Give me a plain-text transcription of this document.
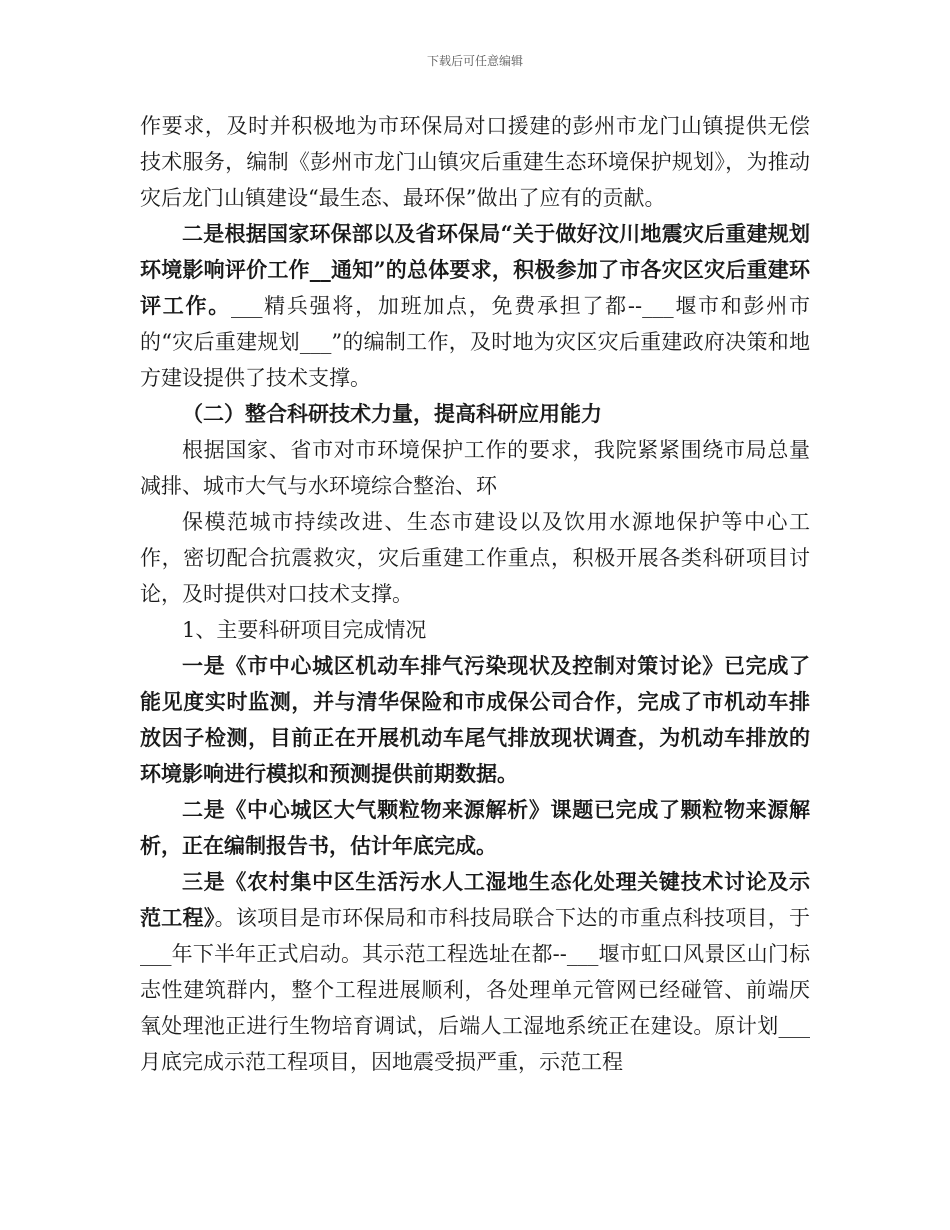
下载后可任意编辑

作要求，及时并积极地为市环保局对口援建的彭州市龙门山镇提供无偿技术服务，编制《彭州市龙门山镇灾后重建生态环境保护规划》，为推动灾后龙门山镇建设“最生态、最环保”做出了应有的贡献。

二是根据国家环保部以及省环保局“关于做好汶川地震灾后重建规划环境影响评价工作__通知”的总体要求，积极参加了市各灾区灾后重建环评工作。___精兵强将，加班加点，免费承担了都--___堰市和彭州市的“灾后重建规划___”的编制工作，及时地为灾区灾后重建政府决策和地方建设提供了技术支撑。

（二）整合科研技术力量，提高科研应用能力

根据国家、省市对市环境保护工作的要求，我院紧紧围绕市局总量减排、城市大气与水环境综合整治、环

保模范城市持续改进、生态市建设以及饮用水源地保护等中心工作，密切配合抗震救灾，灾后重建工作重点，积极开展各类科研项目讨论，及时提供对口技术支撑。

1、主要科研项目完成情况

一是《市中心城区机动车排气污染现状及控制对策讨论》已完成了能见度实时监测，并与清华保险和市成保公司合作，完成了市机动车排放因子检测，目前正在开展机动车尾气排放现状调查，为机动车排放的环境影响进行模拟和预测提供前期数据。

二是《中心城区大气颗粒物来源解析》课题已完成了颗粒物来源解析，正在编制报告书，估计年底完成。

三是《农村集中区生活污水人工湿地生态化处理关键技术讨论及示范工程》。该项目是市环保局和市科技局联合下达的市重点科技项目，于___年下半年正式启动。其示范工程选址在都--___堰市虹口风景区山门标志性建筑群内，整个工程进展顺利，各处理单元管网已经碰管、前端厌氧处理池正进行生物培育调试，后端人工湿地系统正在建设。原计划___月底完成示范工程项目，因地震受损严重，示范工程
